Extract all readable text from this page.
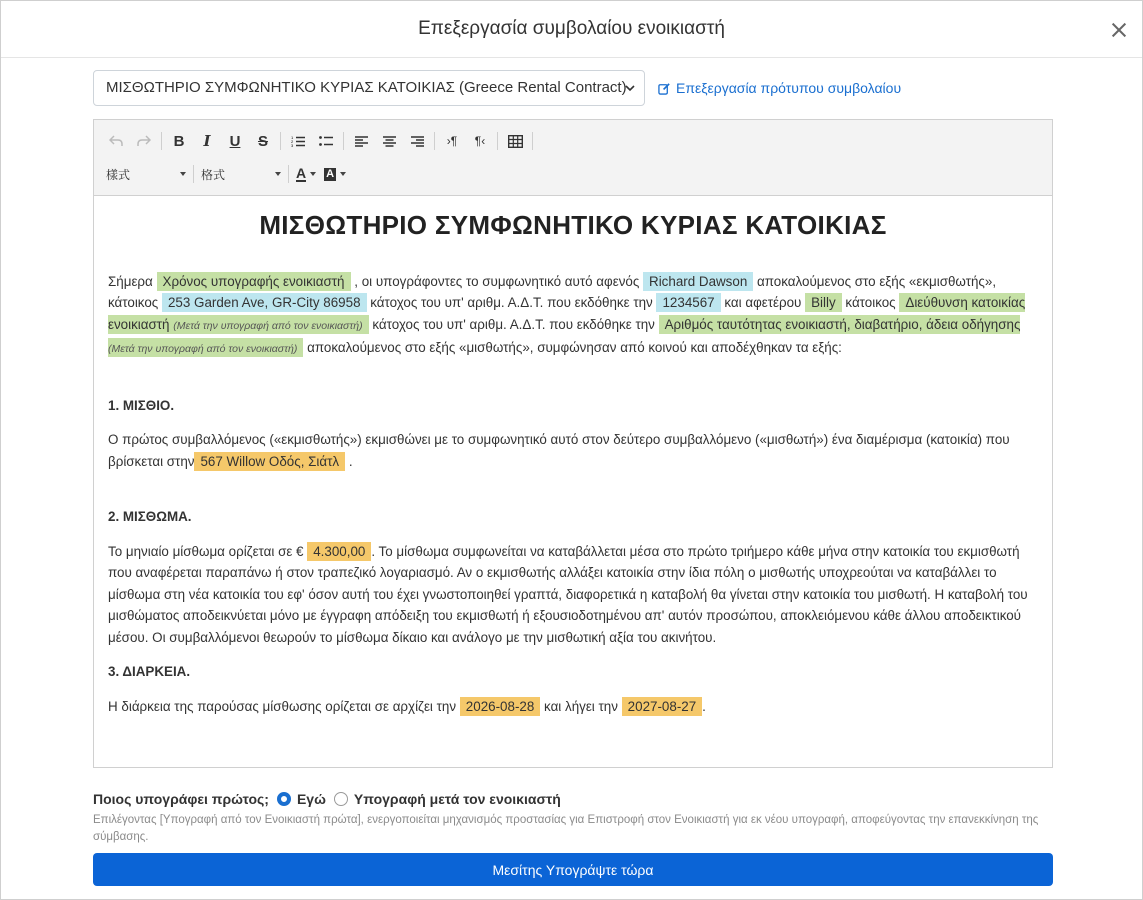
Επεξεργασία συμβολαίου ενοικιαστή
ΜΙΣΘΩΤΗΡΙΟ ΣΥΜΦΩΝΗΤΙΚΟ ΚΥΡΙΑΣ ΚΑΤΟΙΚΙΑΣ (Greece Rental Contract)	Επεξεργασία πρότυπου συμβολαίου
B I U S	1
2
3	›¶ ¶‹
樣式	格式	A A
ΜΙΣΘΩΤΗΡΙΟ ΣΥΜΦΩΝΗΤΙΚΟ ΚΥΡΙΑΣ ΚΑΤΟΙΚΙΑΣ
Σήμερα Χρόνος υπογραφής ενοικιαστή , οι υπογράφοντες το συμφωνητικό αυτό αφενός Richard Dawson αποκαλούμενος στο εξής «εκμισθωτής», κάτοικος 253 Garden Ave, GR-City 86958 κάτοχος του υπ' αριθμ. Α.Δ.Τ. που εκδόθηκε την 1234567 και αφετέρου Billy κάτοικος Διεύθυνση κατοικίας ενοικιαστή (Μετά την υπογραφή από τον ενοικιαστή) κάτοχος του υπ' αριθμ. Α.Δ.Τ. που εκδόθηκε την Αριθμός ταυτότητας ενοικιαστή, διαβατήριο, άδεια οδήγησης (Μετά την υπογραφή από τον ενοικιαστή) αποκαλούμενος στο εξής «μισθωτής», συμφώνησαν από κοινού και αποδέχθηκαν τα εξής:
1. ΜΙΣΘΙΟ.
Ο πρώτος συμβαλλόμενος («εκμισθωτής») εκμισθώνει με το συμφωνητικό αυτό στον δεύτερο συμβαλλόμενο («μισθωτή») ένα διαμέρισμα (κατοικία) που βρίσκεται στην 567 Willow Οδός, Σιάτλ .
2. ΜΙΣΘΩΜΑ.
Το μηνιαίο μίσθωμα ορίζεται σε € 4.300,00 . Το μίσθωμα συμφωνείται να καταβάλλεται μέσα στο πρώτο τριήμερο κάθε μήνα στην κατοικία του εκμισθωτή που αναφέρεται παραπάνω ή στον τραπεζικό λογαριασμό. Αν ο εκμισθωτής αλλάξει κατοικία στην ίδια πόλη ο μισθωτής υποχρεούται να καταβάλλει το μίσθωμα στη νέα κατοικία του εφ' όσον αυτή του έχει γνωστοποιηθεί γραπτά, διαφορετικά η καταβολή θα γίνεται στην κατοικία του μισθωτή. Η καταβολή του μισθώματος αποδεικνύεται μόνο με έγγραφη απόδειξη του εκμισθωτή ή εξουσιοδοτημένου απ' αυτόν προσώπου, αποκλειόμενου κάθε άλλου αποδεικτικού μέσου. Οι συμβαλλόμενοι θεωρούν το μίσθωμα δίκαιο και ανάλογο με την μισθωτική αξία του ακινήτου.
3. ΔΙΑΡΚΕΙΑ.
Η διάρκεια της παρούσας μίσθωσης ορίζεται σε αρχίζει την 2026-08-28 και λήγει την 2027-08-27 .
Ποιος υπογράφει πρώτος; Εγώ Υπογραφή μετά τον ενοικιαστή
Επιλέγοντας [Υπογραφή από τον Ενοικιαστή πρώτα], ενεργοποιείται μηχανισμός προστασίας για Επιστροφή στον Ενοικιαστή για εκ νέου υπογραφή, αποφεύγοντας την επανεκκίνηση της σύμβασης.
Μεσίτης Υπογράψτε τώρα
